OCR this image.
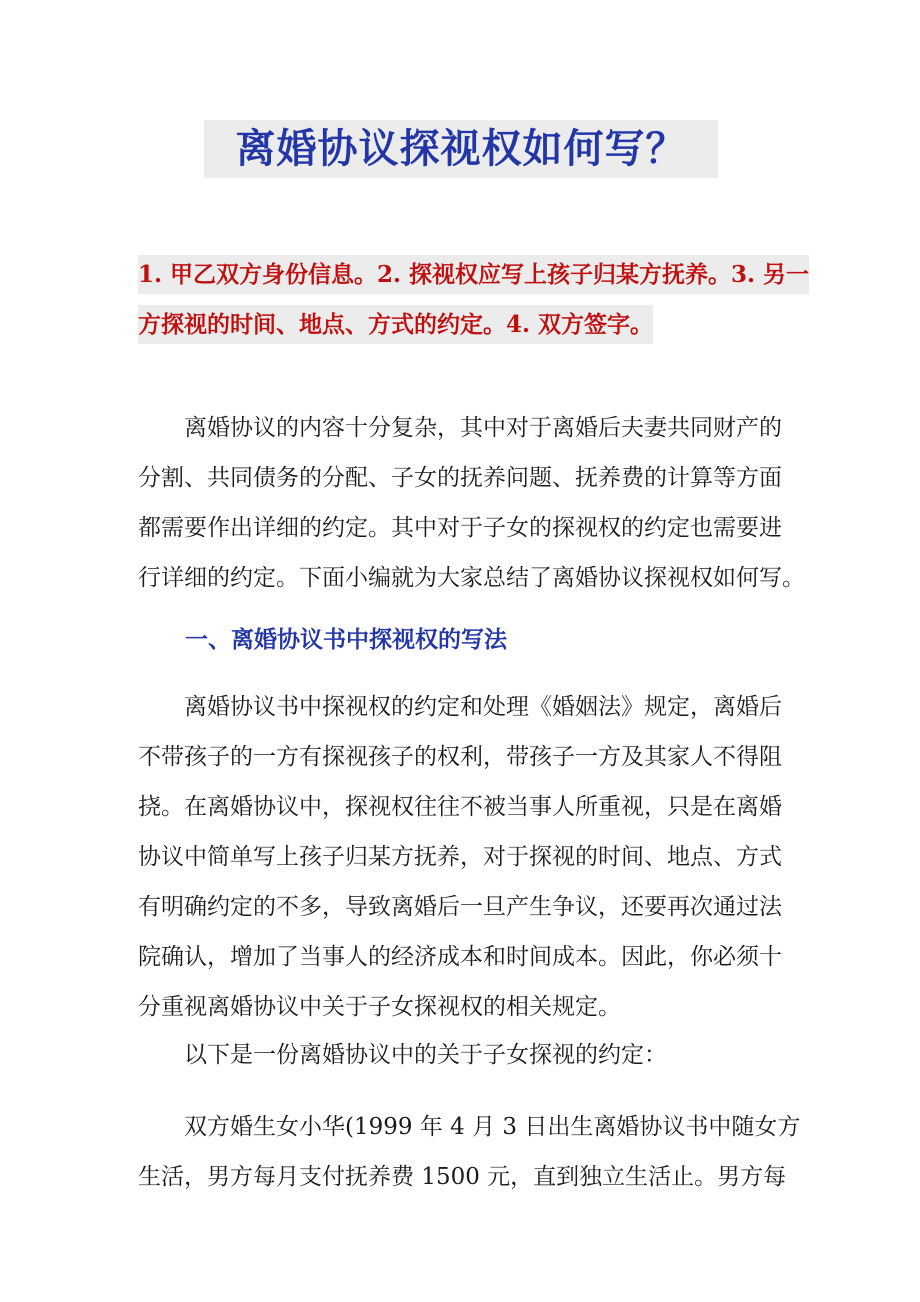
离婚协议探视权如何写？
1. 甲乙双方身份信息。2. 探视权应写上孩子归某方抚养。3. 另一
方探视的时间、地点、方式的约定。4. 双方签字。
　　离婚协议的内容十分复杂，其中对于离婚后夫妻共同财产的
分割、共同债务的分配、子女的抚养问题、抚养费的计算等方面
都需要作出详细的约定。其中对于子女的探视权的约定也需要进
行详细的约定。下面小编就为大家总结了离婚协议探视权如何写。
一、离婚协议书中探视权的写法
　　离婚协议书中探视权的约定和处理《婚姻法》规定，离婚后
不带孩子的一方有探视孩子的权利，带孩子一方及其家人不得阻
挠。在离婚协议中，探视权往往不被当事人所重视，只是在离婚
协议中简单写上孩子归某方抚养，对于探视的时间、地点、方式
有明确约定的不多，导致离婚后一旦产生争议，还要再次通过法
院确认，增加了当事人的经济成本和时间成本。因此，你必须十
分重视离婚协议中关于子女探视权的相关规定。
　　以下是一份离婚协议中的关于子女探视的约定：
　　双方婚生女小华(1999 年 4 月 3 日出生离婚协议书中随女方
生活，男方每月支付抚养费 1500 元，直到独立生活止。男方每
